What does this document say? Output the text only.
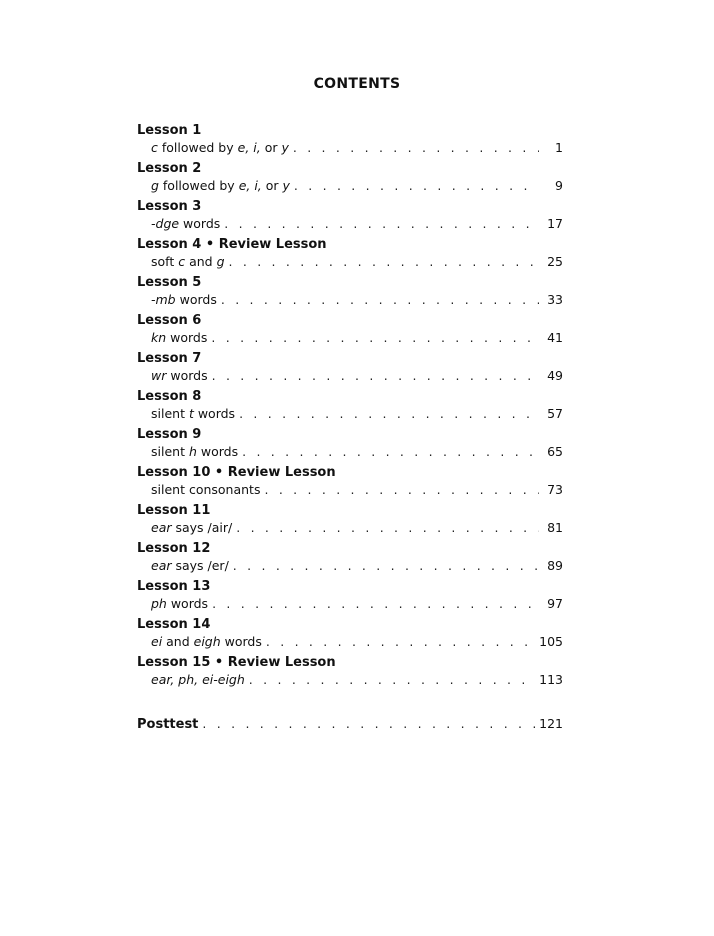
CONTENTS
Lesson 1
c followed by e, i, or y . . .	1
Lesson 2
g followed by e, i, or y . . .	9
Lesson 3
-dge words . . .	17
Lesson 4 • Review Lesson
soft c and g . . .	25
Lesson 5
-mb words . . .	33
Lesson 6
kn words . . .	41
Lesson 7
wr words . . .	49
Lesson 8
silent t words . . .	57
Lesson 9
silent h words . . .	65
Lesson 10 • Review Lesson
silent consonants . . .	73
Lesson 11
ear says /air/ . . .	81
Lesson 12
ear says /er/ . . .	89
Lesson 13
ph words . . .	97
Lesson 14
ei and eigh words . . .	105
Lesson 15 • Review Lesson
ear, ph, ei-eigh . . .	113
Posttest . . .	121
